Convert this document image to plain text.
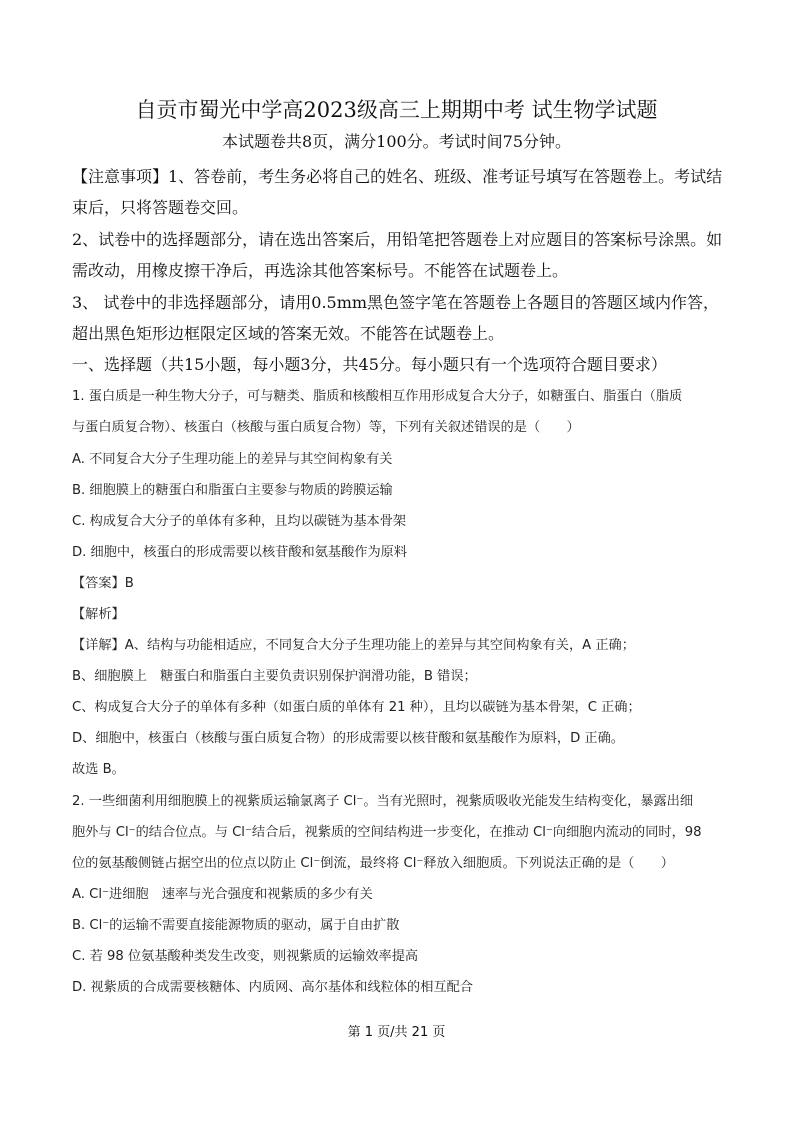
自贡市蜀光中学高2023级高三上期期中考 试生物学试题
本试题卷共8页，满分100分。考试时间75分钟。
【注意事项】1、答卷前，考生务必将自己的姓名、班级、准考证号填写在答题卷上。考试结
束后，只将答题卷交回。
2、试卷中的选择题部分，请在选出答案后，用铅笔把答题卷上对应题目的答案标号涂黑。如
需改动，用橡皮擦干净后，再选涂其他答案标号。不能答在试题卷上。
3、 试卷中的非选择题部分，请用0.5mm黑色签字笔在答题卷上各题目的答题区域内作答，
超出黑色矩形边框限定区域的答案无效。不能答在试题卷上。
一、选择题（共15小题，每小题3分，共45分。每小题只有一个选项符合题目要求）
1. 蛋白质是一种生物大分子，可与糖类、脂质和核酸相互作用形成复合大分子，如糖蛋白、脂蛋白（脂质
与蛋白质复合物）、核蛋白（核酸与蛋白质复合物）等，下列有关叙述错误的是（　　）
A. 不同复合大分子生理功能上的差异与其空间构象有关
B. 细胞膜上的糖蛋白和脂蛋白主要参与物质的跨膜运输
C. 构成复合大分子的单体有多种，且均以碳链为基本骨架
D. 细胞中，核蛋白的形成需要以核苷酸和氨基酸作为原料
【答案】B
【解析】
【详解】A、结构与功能相适应，不同复合大分子生理功能上的差异与其空间构象有关，A 正确；
B、细胞膜上　糖蛋白和脂蛋白主要负责识别保护润滑功能，B 错误；
C、构成复合大分子的单体有多种（如蛋白质的单体有 21 种），且均以碳链为基本骨架，C 正确；
D、细胞中，核蛋白（核酸与蛋白质复合物）的形成需要以核苷酸和氨基酸作为原料，D 正确。
故选 B。
2. 一些细菌利用细胞膜上的视紫质运输氯离子 Cl⁻。当有光照时，视紫质吸收光能发生结构变化，暴露出细
胞外与 Cl⁻的结合位点。与 Cl⁻结合后，视紫质的空间结构进一步变化，在推动 Cl⁻向细胞内流动的同时，98
位的氨基酸侧链占据空出的位点以防止 Cl⁻倒流，最终将 Cl⁻释放入细胞质。下列说法正确的是（　　）
A. Cl⁻进细胞　速率与光合强度和视紫质的多少有关
B. Cl⁻的运输不需要直接能源物质的驱动，属于自由扩散
C. 若 98 位氨基酸种类发生改变，则视紫质的运输效率提高
D. 视紫质的合成需要核糖体、内质网、高尔基体和线粒体的相互配合
第 1 页/共 21 页
